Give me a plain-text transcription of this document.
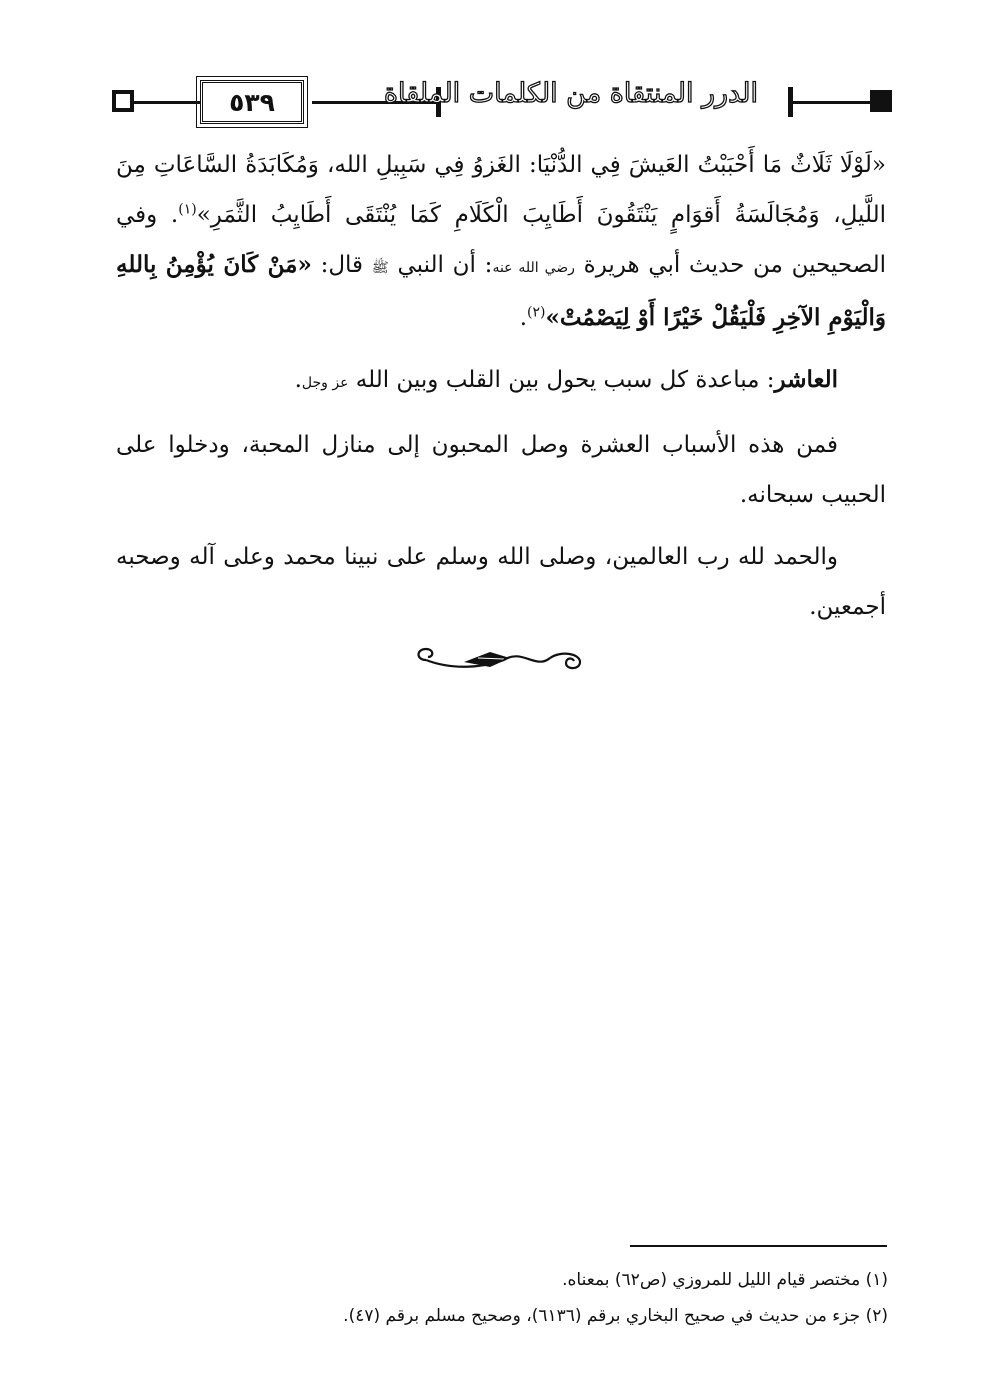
٥٣٩	الدرر المنتقاة من الكلمات الملقاة

«لَوْلَا ثَلَاثٌ مَا أَحْبَبْتُ العَيشَ فِي الدُّنْيَا: الغَزوُ فِي سَبِيلِ الله، وَمُكَابَدَةُ السَّاعَاتِ مِنَ اللَّيلِ، وَمُجَالَسَةُ أَقوَامٍ يَنْتَقُونَ أَطَايِبَ الْكَلَامِ كَمَا يُنْتَقَى أَطَايِبُ الثَّمَرِ»$^{(١)}$. وفي الصحيحين من حديث أبي هريرة رضي الله عنه: أن النبي ﷺ قال: «مَنْ كَانَ يُؤْمِنُ بِاللهِ وَالْيَوْمِ الآخِرِ فَلْيَقُلْ خَيْرًا أَوْ لِيَصْمُتْ»$^{(٢)}$.

العاشر: مباعدة كل سبب يحول بين القلب وبين الله عز وجل.

فمن هذه الأسباب العشرة وصل المحبون إلى منازل المحبة، ودخلوا على الحبيب سبحانه.

والحمد لله رب العالمين، وصلى الله وسلم على نبينا محمد وعلى آله وصحبه أجمعين.

(١) مختصر قيام الليل للمروزي (ص٦٢) بمعناه.

(٢) جزء من حديث في صحيح البخاري برقم (٦١٣٦)، وصحيح مسلم برقم (٤٧).
